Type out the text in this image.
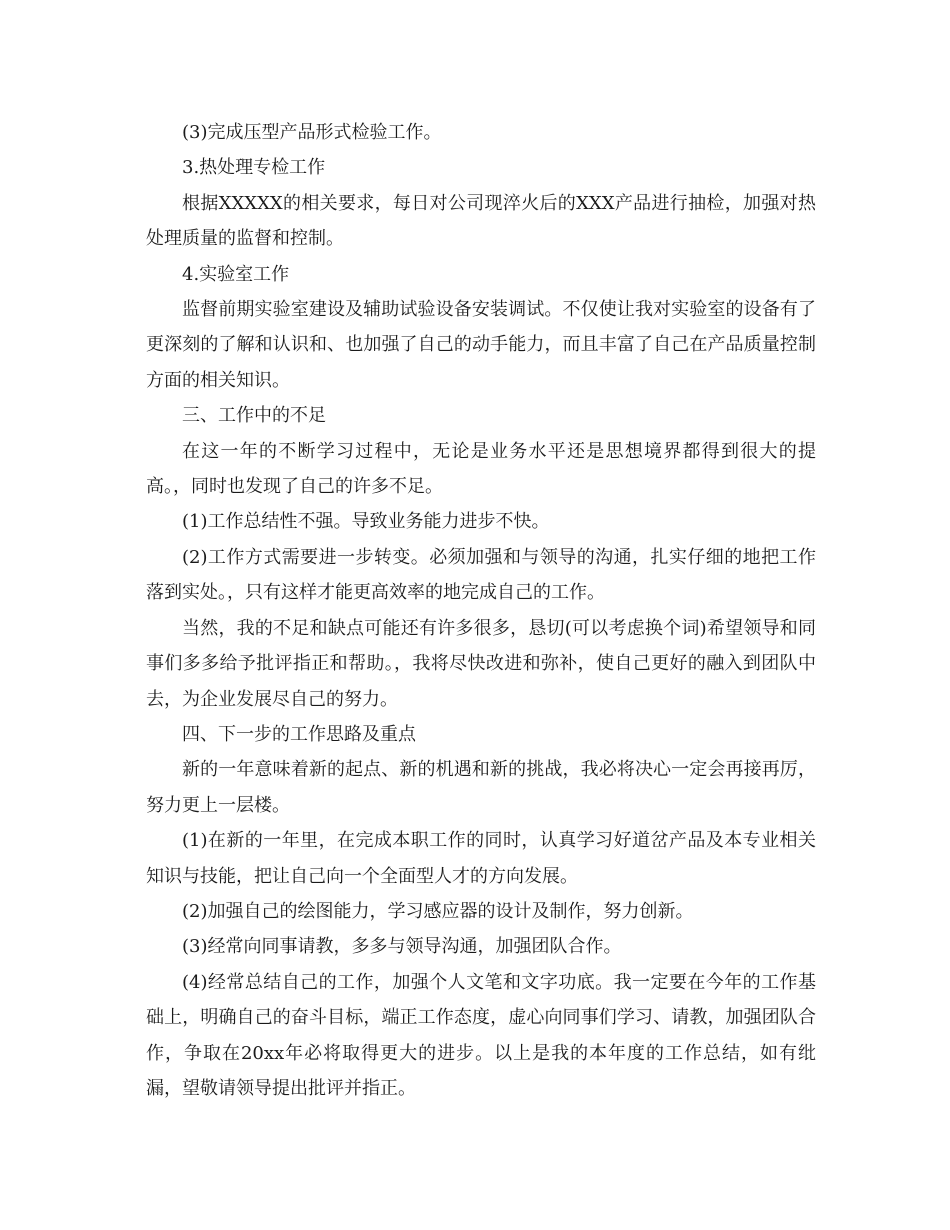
(3)完成压型产品形式检验工作。

3.热处理专检工作

根据XXXXX的相关要求，每日对公司现淬火后的XXX产品进行抽检，加强对热处理质量的监督和控制。

4.实验室工作

监督前期实验室建设及辅助试验设备安装调试。不仅使让我对实验室的设备有了更深刻的了解和认识和、也加强了自己的动手能力，而且丰富了自己在产品质量控制方面的相关知识。

三、工作中的不足

在这一年的不断学习过程中，无论是业务水平还是思想境界都得到很大的提高。，同时也发现了自己的许多不足。

(1)工作总结性不强。导致业务能力进步不快。

(2)工作方式需要进一步转变。必须加强和与领导的沟通，扎实仔细的地把工作落到实处。，只有这样才能更高效率的地完成自己的工作。

当然，我的不足和缺点可能还有许多很多，恳切(可以考虑换个词)希望领导和同事们多多给予批评指正和帮助。，我将尽快改进和弥补，使自己更好的融入到团队中去，为企业发展尽自己的努力。

四、下一步的工作思路及重点

新的一年意味着新的起点、新的机遇和新的挑战，我必将决心一定会再接再厉，努力更上一层楼。

(1)在新的一年里，在完成本职工作的同时，认真学习好道岔产品及本专业相关知识与技能，把让自己向一个全面型人才的方向发展。

(2)加强自己的绘图能力，学习感应器的设计及制作，努力创新。

(3)经常向同事请教，多多与领导沟通，加强团队合作。

(4)经常总结自己的工作，加强个人文笔和文字功底。我一定要在今年的工作基础上，明确自己的奋斗目标，端正工作态度，虚心向同事们学习、请教，加强团队合作，争取在20xx年必将取得更大的进步。以上是我的本年度的工作总结，如有纰漏，望敬请领导提出批评并指正。
